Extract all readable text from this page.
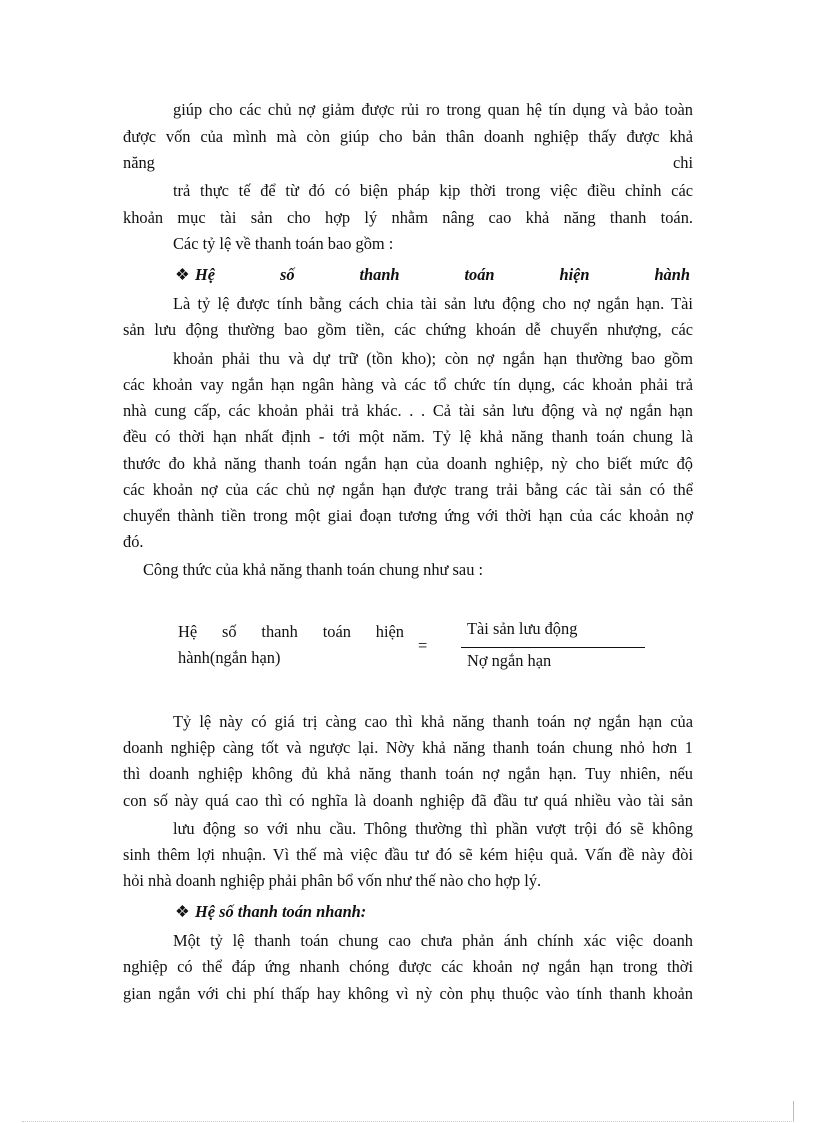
giúp cho các chủ nợ giảm được rủi ro trong quan hệ tín dụng và bảo toàn
được vốn của mình mà còn giúp cho bản thân doanh nghiệp thấy được khả
năng	chi
trả thực tế để từ đó có biện pháp kịp thời trong việc điều chỉnh các
khoản mục tài sản cho hợp lý nhằm nâng cao khả năng thanh toán.
Các tỷ lệ về thanh toán bao gồm :
❖ Hệ số thanh toán hiện hành
Là tỷ lệ được tính bằng cách chia tài sản lưu động cho nợ ngắn hạn. Tài
sản lưu động thường bao gồm tiền, các chứng khoán dễ chuyển nhượng, các
khoản phải thu và dự trữ (tồn kho); còn nợ ngắn hạn thường bao gồm
các khoản vay ngắn hạn ngân hàng và các tổ chức tín dụng, các khoản phải trả
nhà cung cấp, các khoản phải trả khác. . . Cả tài sản lưu động và nợ ngắn hạn
đều có thời hạn nhất định - tới một năm. Tỷ lệ khả năng thanh toán chung là
thước đo khả năng thanh toán ngắn hạn của doanh nghiệp, nỳ cho biết mức độ
các khoản nợ của các chủ nợ ngắn hạn được trang trải bằng các tài sản có thể
chuyển thành tiền trong một giai đoạn tương ứng với thời hạn của các khoản nợ
đó.
Công thức của khả năng thanh toán chung như sau :
Hệ số thanh toán hiện
hành(ngắn hạn)
=
Tài sản lưu động
Nợ ngắn hạn
Tỷ lệ này có giá trị càng cao thì khả năng thanh toán nợ ngắn hạn của
doanh nghiệp càng tốt và ngược lại. Nờy khả năng thanh toán chung nhỏ hơn 1
thì doanh nghiệp không đủ khả năng thanh toán nợ ngắn hạn. Tuy nhiên, nếu
con số này quá cao thì có nghĩa là doanh nghiệp đã đầu tư quá nhiều vào tài sản
lưu động so với nhu cầu. Thông thường thì phần vượt trội đó sẽ không
sinh thêm lợi nhuận. Vì thế mà việc đầu tư đó sẽ kém hiệu quả. Vấn đề này đòi
hỏi nhà doanh nghiệp phải phân bổ vốn như thế nào cho hợp lý.
❖ Hệ số thanh toán nhanh:
Một tỷ lệ thanh toán chung cao chưa phản ánh chính xác việc doanh
nghiệp có thể đáp ứng nhanh chóng được các khoản nợ ngắn hạn trong thời
gian ngắn với chi phí thấp hay không vì nỳ còn phụ thuộc vào tính thanh khoản
